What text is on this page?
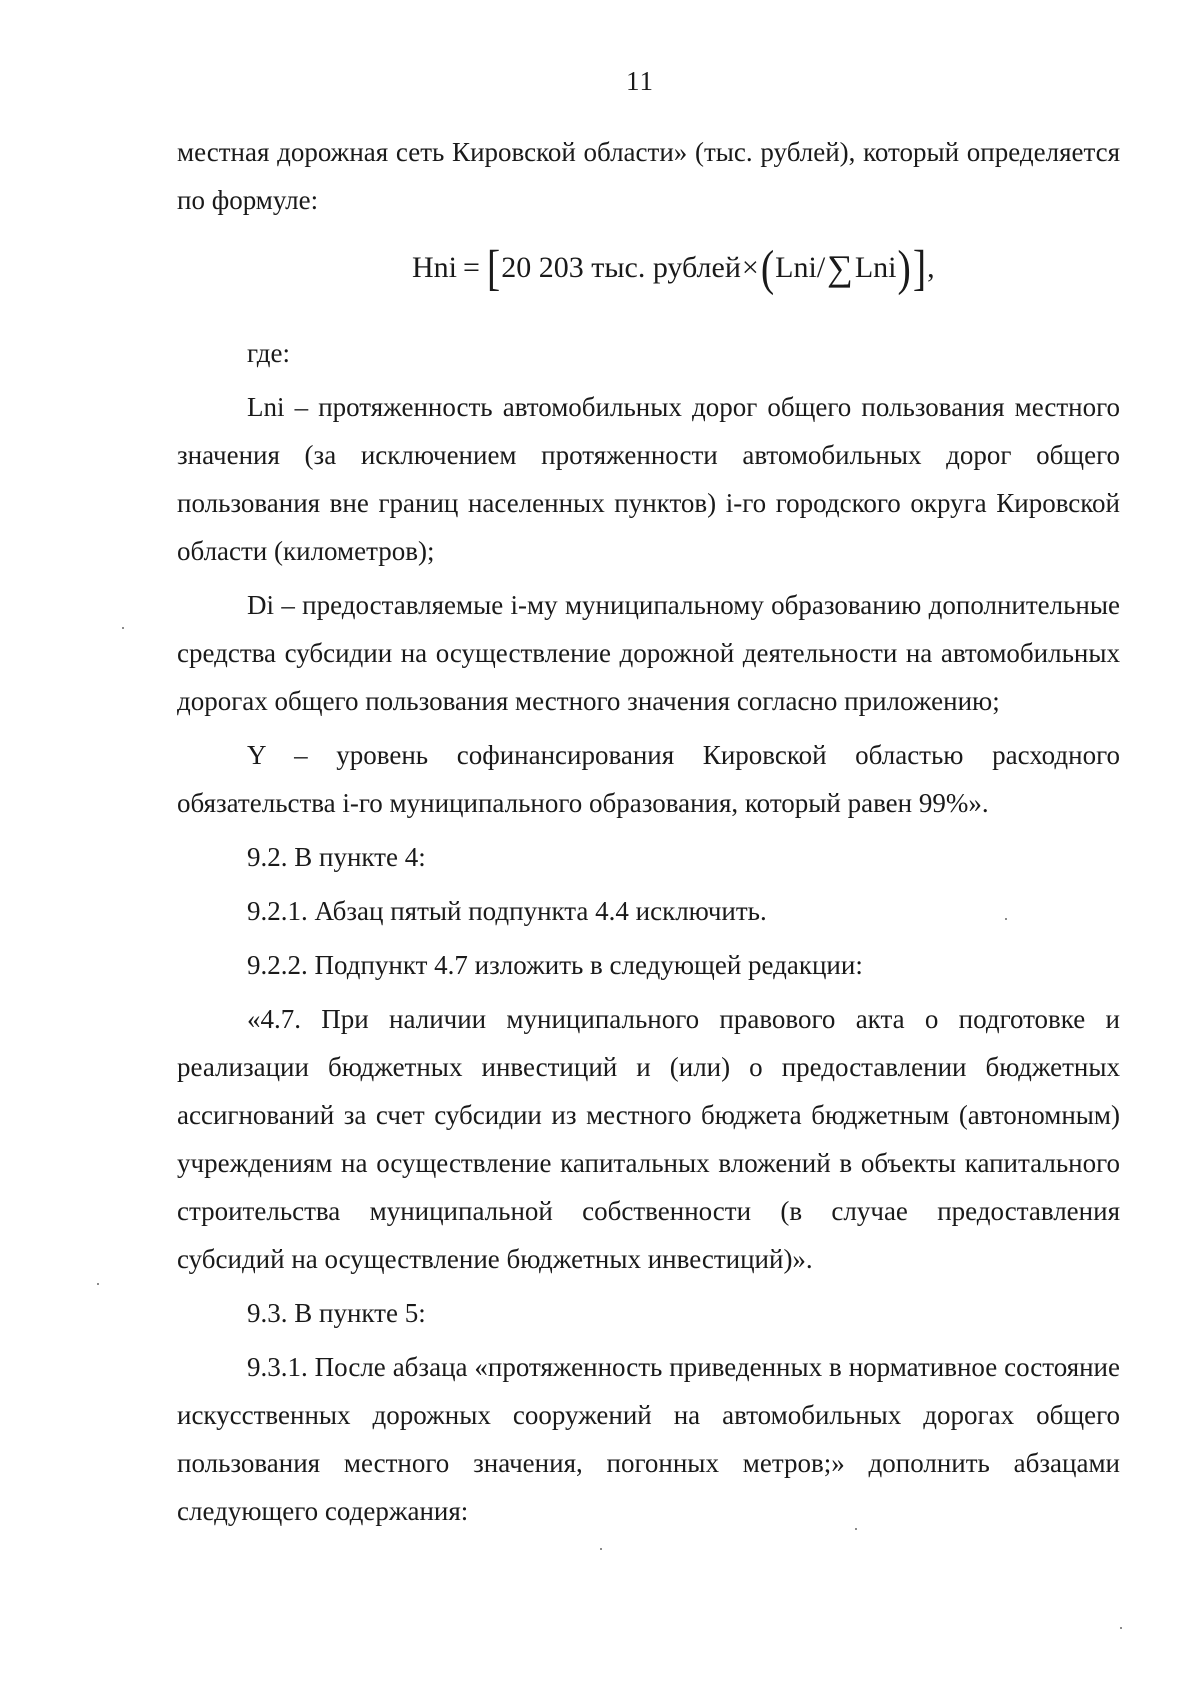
11

местная дорожная сеть Кировской области» (тыс. рублей), который определяется по формуле:

Hni = [ 20 203 тыс. рублей × ( Lni/ ∑ Lni ) ] ,

где:

Lni – протяженность автомобильных дорог общего пользования местного значения (за исключением протяженности автомобильных дорог общего пользования вне границ населенных пунктов) i-го городского округа Кировской области (километров);

Di – предоставляемые i-му муниципальному образованию дополнительные средства субсидии на осуществление дорожной деятельности на автомобильных дорогах общего пользования местного значения согласно приложению;

Y – уровень софинансирования Кировской областью расходного обязательства i-го муниципального образования, который равен 99%».

9.2. В пункте 4:

9.2.1. Абзац пятый подпункта 4.4 исключить.

9.2.2. Подпункт 4.7 изложить в следующей редакции:

«4.7. При наличии муниципального правового акта о подготовке и реализации бюджетных инвестиций и (или) о предоставлении бюджетных ассигнований за счет субсидии из местного бюджета бюджетным (автономным) учреждениям на осуществление капитальных вложений в объекты капитального строительства муниципальной собственности (в случае предоставления субсидий на осуществление бюджетных инвестиций)».

9.3. В пункте 5:

9.3.1. После абзаца «протяженность приведенных в нормативное состояние искусственных дорожных сооружений на автомобильных дорогах общего пользования местного значения, погонных метров;» дополнить абзацами следующего содержания:
